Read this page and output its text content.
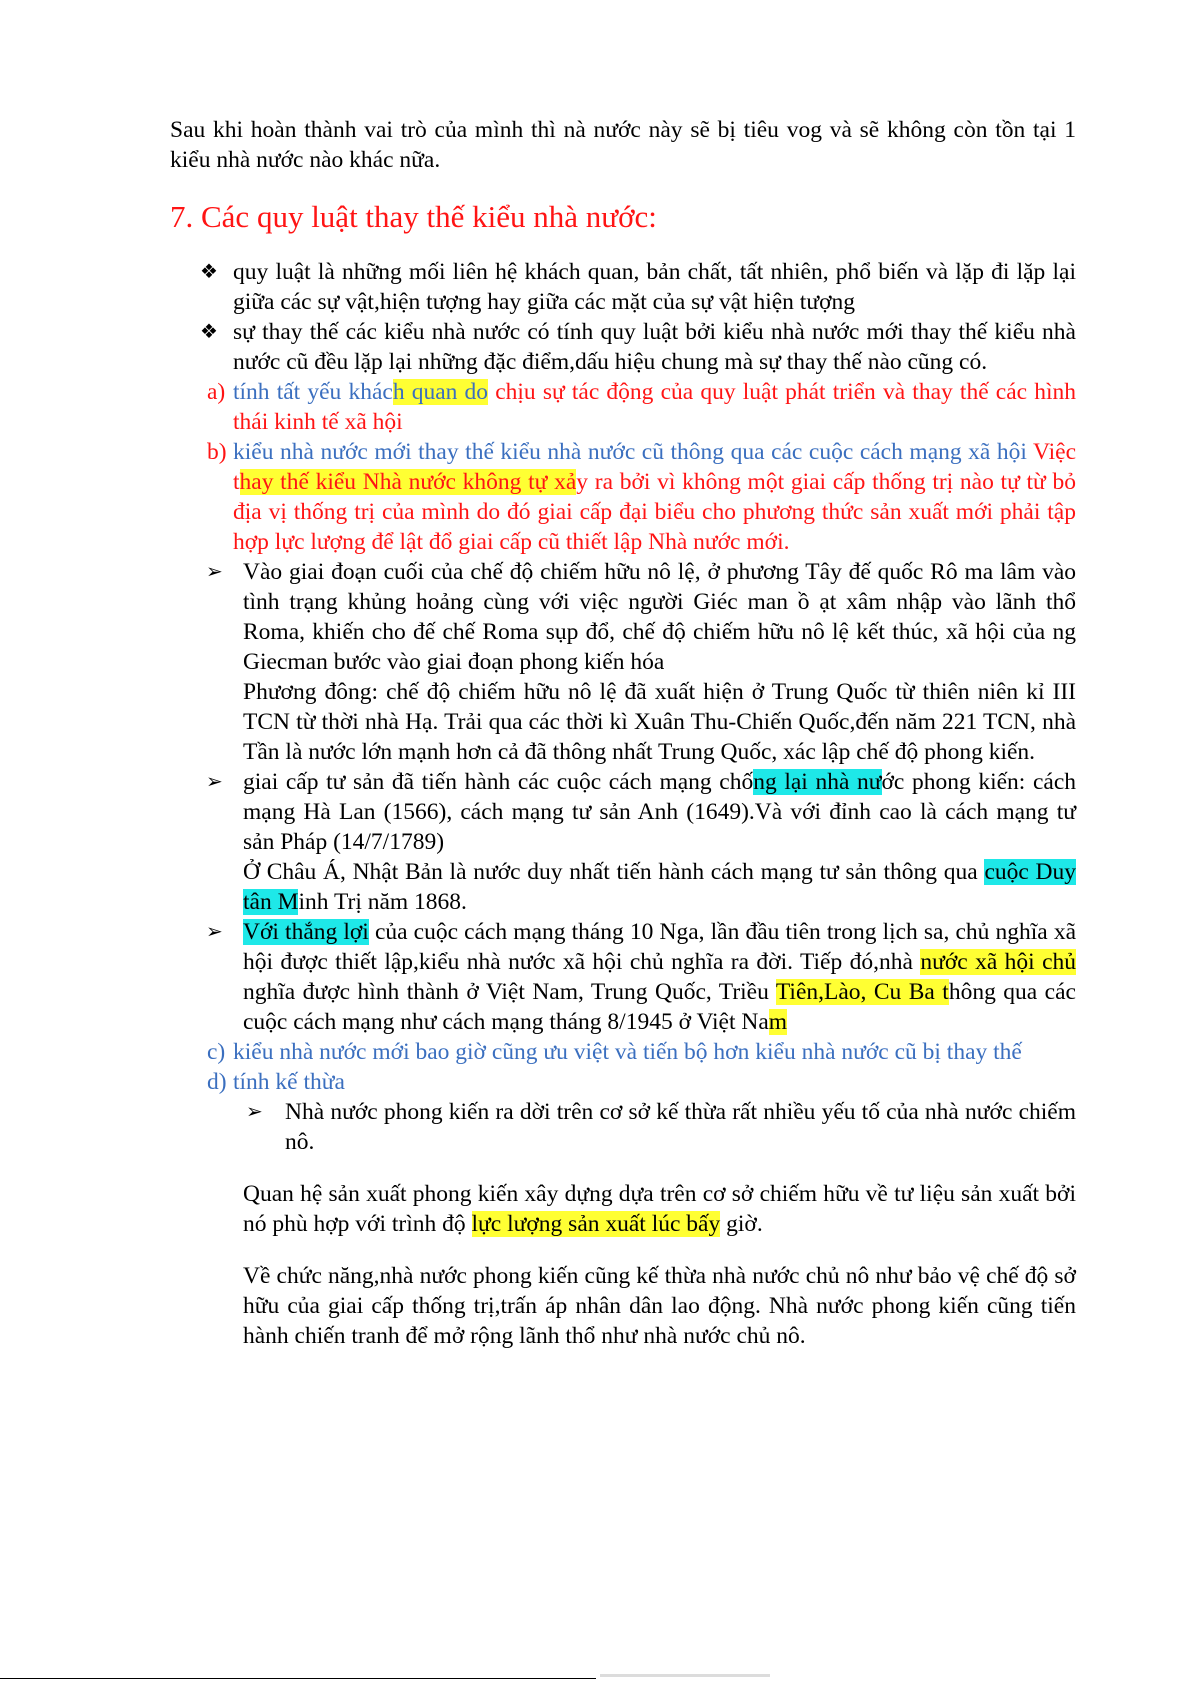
Sau khi hoàn thành vai trò của mình thì nà nước này sẽ bị tiêu vog và sẽ không còn tồn tại 1 kiểu nhà nước nào khác nữa.

7. Các quy luật thay thế kiểu nhà nước:
❖ quy luật là những mối liên hệ khách quan, bản chất, tất nhiên, phổ biến và lặp đi lặp lại giữa các sự vật,hiện tượng hay giữa các mặt của sự vật hiện tượng

❖ sự thay thế các kiểu nhà nước có tính quy luật bởi kiểu nhà nước mới thay thế kiểu nhà nước cũ đều lặp lại những đặc điểm,dấu hiệu chung mà sự thay thế nào cũng có.

a) tính tất yếu khách quan do chịu sự tác động của quy luật phát triển và thay thế các hình thái kinh tế xã hội

b) kiểu nhà nước mới thay thế kiểu nhà nước cũ thông qua các cuộc cách mạng xã hội Việc thay thế kiểu Nhà nước không tự xảy ra bởi vì không một giai cấp thống trị nào tự từ bỏ địa vị thống trị của mình do đó giai cấp đại biểu cho phương thức sản xuất mới phải tập hợp lực lượng để lật đổ giai cấp cũ thiết lập Nhà nước mới.

➢ Vào giai đoạn cuối của chế độ chiếm hữu nô lệ, ở phương Tây đế quốc Rô ma lâm vào tình trạng khủng hoảng cùng với việc người Giéc man ồ ạt xâm nhập vào lãnh thổ Roma, khiến cho đế chế Roma sụp đổ, chế độ chiếm hữu nô lệ kết thúc, xã hội của ng Giecman bước vào giai đoạn phong kiến hóa

Phương đông: chế độ chiếm hữu nô lệ đã xuất hiện ở Trung Quốc từ thiên niên kỉ III TCN từ thời nhà Hạ. Trải qua các thời kì Xuân Thu-Chiến Quốc,đến năm 221 TCN, nhà Tần là nước lớn mạnh hơn cả đã thông nhất Trung Quốc, xác lập chế độ phong kiến.

➢ giai cấp tư sản đã tiến hành các cuộc cách mạng chống lại nhà nước phong kiến: cách mạng Hà Lan (1566), cách mạng tư sản Anh (1649).Và với đỉnh cao là cách mạng tư sản Pháp (14/7/1789)

Ở Châu Á, Nhật Bản là nước duy nhất tiến hành cách mạng tư sản thông qua cuộc Duy tân Minh Trị năm 1868.

➢ Với thắng lợi của cuộc cách mạng tháng 10 Nga, lần đầu tiên trong lịch sa, chủ nghĩa xã hội được thiết lập,kiểu nhà nước xã hội chủ nghĩa ra đời. Tiếp đó,nhà nước xã hội chủ nghĩa được hình thành ở Việt Nam, Trung Quốc, Triều Tiên,Lào, Cu Ba thông qua các cuộc cách mạng như cách mạng tháng 8/1945 ở Việt Nam

c) kiểu nhà nước mới bao giờ cũng ưu việt và tiến bộ hơn kiểu nhà nước cũ bị thay thế

d) tính kế thừa

➢ Nhà nước phong kiến ra dời trên cơ sở kế thừa rất nhiều yếu tố của nhà nước chiếm nô.

Quan hệ sản xuất phong kiến xây dựng dựa trên cơ sở chiếm hữu về tư liệu sản xuất bởi nó phù hợp với trình độ lực lượng sản xuất lúc bấy giờ.

Về chức năng,nhà nước phong kiến cũng kế thừa nhà nước chủ nô như bảo vệ chế độ sở hữu của giai cấp thống trị,trấn áp nhân dân lao động. Nhà nước phong kiến cũng tiến hành chiến tranh để mở rộng lãnh thổ như nhà nước chủ nô.
